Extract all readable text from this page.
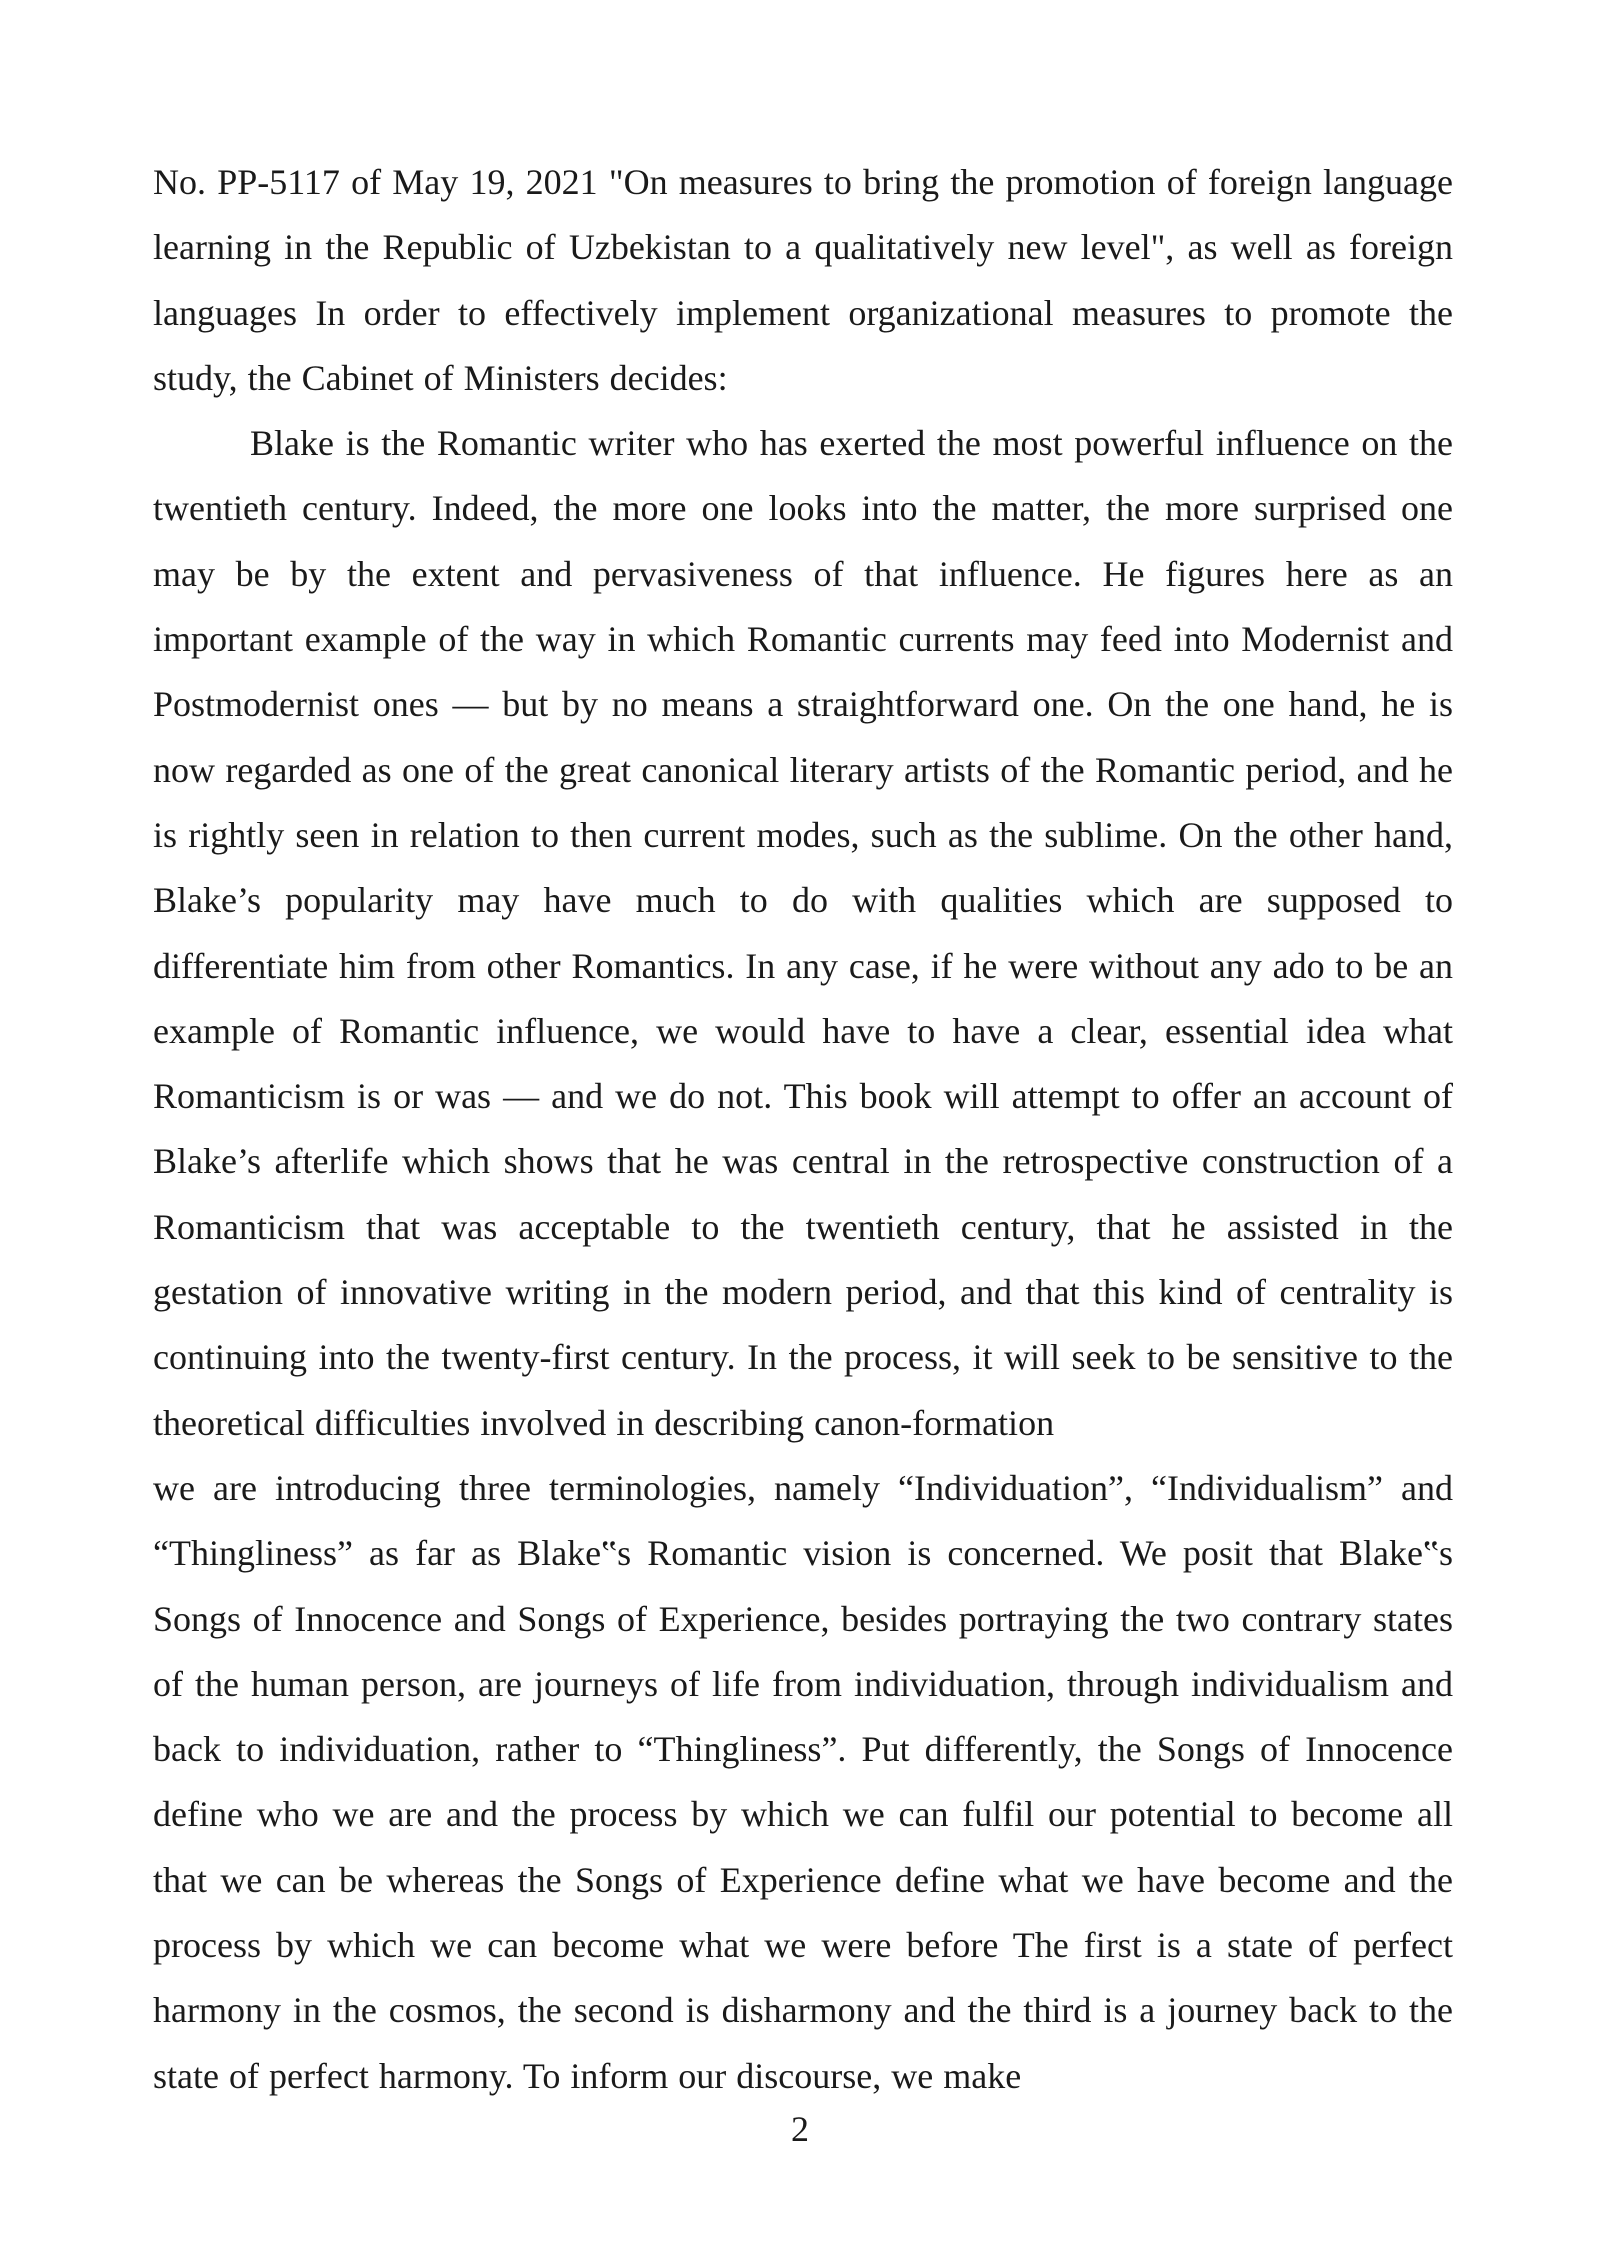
No. PP-5117 of May 19, 2021 "On measures to bring the promotion of foreign language learning in the Republic of Uzbekistan to a qualitatively new level", as well as foreign languages In order to effectively implement organizational measures to promote the study, the Cabinet of Ministers decides:

Blake is the Romantic writer who has exerted the most powerful influence on the twentieth century. Indeed, the more one looks into the matter, the more surprised one may be by the extent and pervasiveness of that influence. He figures here as an important example of the way in which Romantic currents may feed into Modernist and Postmodernist ones — but by no means a straightforward one. On the one hand, he is now regarded as one of the great canonical literary artists of the Romantic period, and he is rightly seen in relation to then current modes, such as the sublime. On the other hand, Blake’s popularity may have much to do with qualities which are supposed to differentiate him from other Romantics. In any case, if he were without any ado to be an example of Romantic influence, we would have to have a clear, essential idea what Romanticism is or was — and we do not. This book will attempt to offer an account of Blake’s afterlife which shows that he was central in the retrospective construction of a Romanticism that was acceptable to the twentieth century, that he assisted in the gestation of innovative writing in the modern period, and that this kind of centrality is continuing into the twenty-first century. In the process, it will seek to be sensitive to the theoretical difficulties involved in describing canon-formation

we are introducing three terminologies, namely “Individuation”, “Individualism” and “Thingliness” as far as Blake‟s Romantic vision is concerned. We posit that Blake‟s Songs of Innocence and Songs of Experience, besides portraying the two contrary states of the human person, are journeys of life from individuation, through individualism and back to individuation, rather to “Thingliness”. Put differently, the Songs of Innocence define who we are and the process by which we can fulfil our potential to become all that we can be whereas the Songs of Experience define what we have become and the process by which we can become what we were before The first is a state of perfect harmony in the cosmos, the second is disharmony and the third is a journey back to the state of perfect harmony. To inform our discourse, we make

2
